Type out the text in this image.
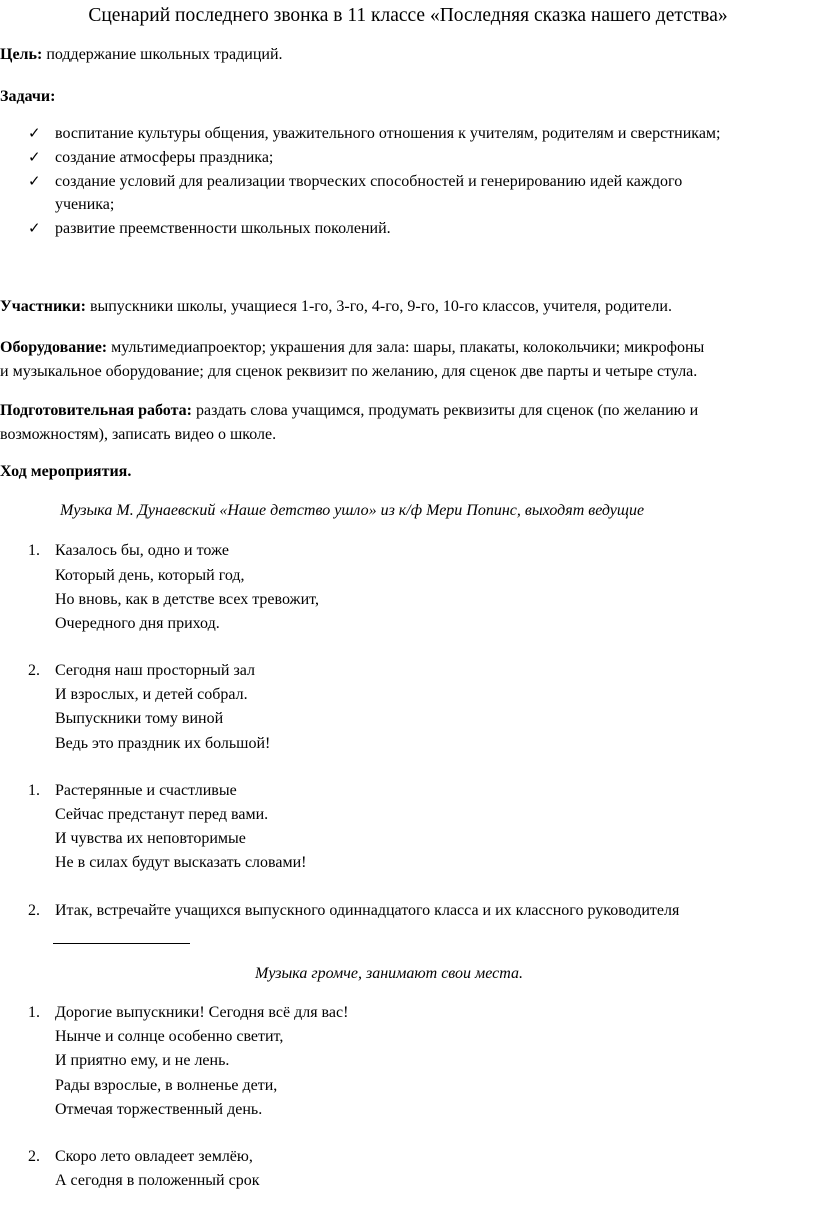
Сценарий последнего звонка в 11 классе «Последняя сказка нашего детства»
Цель: поддержание школьных традиций.
Задачи:
✓ воспитание культуры общения, уважительного отношения к учителям, родителям и сверстникам;
✓ создание атмосферы праздника;
✓ создание условий для реализации творческих способностей и генерированию идей каждого
ученика;
✓ развитие преемственности школьных поколений.
Участники: выпускники школы, учащиеся 1-го, 3-го, 4-го, 9-го, 10-го классов, учителя, родители.
Оборудование: мультимедиапроектор; украшения для зала: шары, плакаты, колокольчики; микрофоны
и музыкальное оборудование; для сценок реквизит по желанию, для сценок две парты и четыре стула.
Подготовительная работа: раздать слова учащимся, продумать реквизиты для сценок (по желанию и
возможностям), записать видео о школе.
Ход мероприятия.
Музыка М. Дунаевский «Наше детство ушло» из к/ф Мери Попинс, выходят ведущие
1. Казалось бы, одно и тоже
Который день, который год,
Но вновь, как в детстве всех тревожит,
Очередного дня приход.
2. Сегодня наш просторный зал
И взрослых, и детей собрал.
Выпускники тому виной
Ведь это праздник их большой!
1. Растерянные и счастливые
Сейчас предстанут перед вами.
И чувства их неповторимые
Не в силах будут высказать словами!
2. Итак, встречайте учащихся выпускного одиннадцатого класса и их классного руководителя
Музыка громче, занимают свои места.
1. Дорогие выпускники! Сегодня всё для вас!
Нынче и солнце особенно светит,
И приятно ему, и не лень.
Рады взрослые, в волненье дети,
Отмечая торжественный день.
2. Скоро лето овладеет землёю,
А сегодня в положенный срок
